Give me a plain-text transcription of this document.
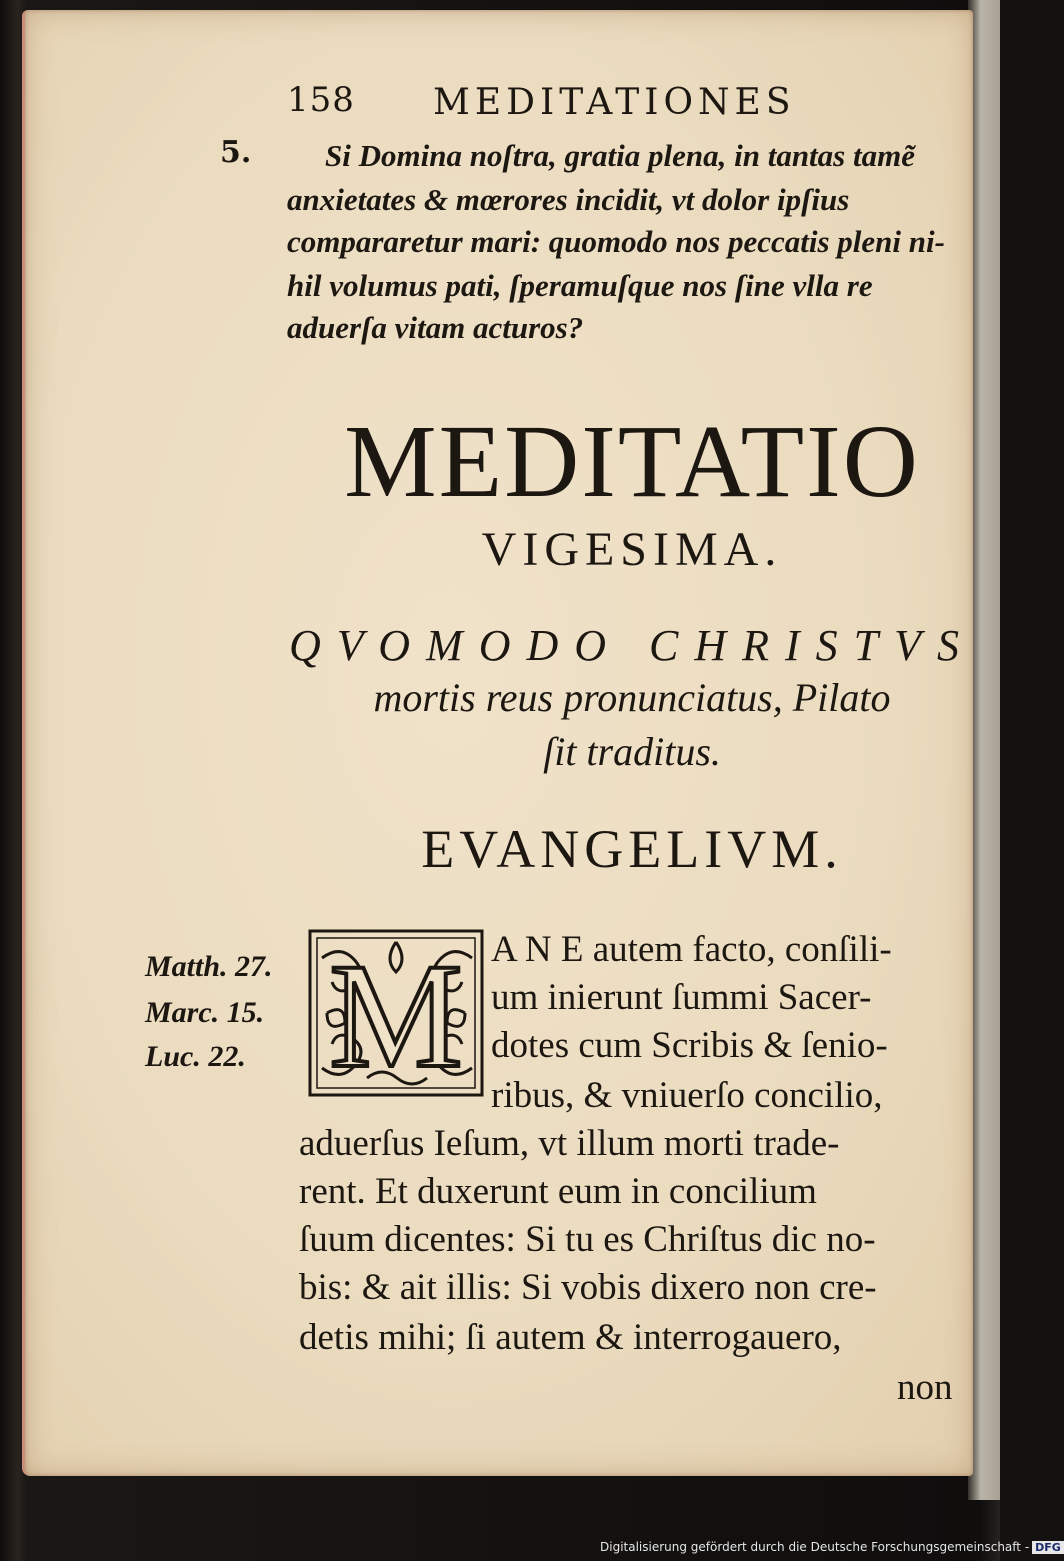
158 MEDITATIONES
5. Si Domina noſtra, gratia plena, in tantas tamẽ
anxietates & mœrores incidit, vt dolor ipſius
compararetur mari: quomodo nos peccatis pleni ni-
hil volumus pati, ſperamuſque nos ſine vlla re
aduerſa vitam acturos?
MEDITATIO
VIGESIMA.
QVOMODO CHRISTVS
mortis reus pronunciatus, Pilato
ſit traditus.
EVANGELIVM.
Matth. 27.
Marc. 15.
Luc. 22. M A N E autem facto, conſili-
um inierunt ſummi Sacer-
dotes cum Scribis & ſenio-
ribus, & vniuerſo concilio,
aduerſus Ieſum, vt illum morti trade-
rent. Et duxerunt eum in concilium
ſuum dicentes: Si tu es Chriſtus dic no-
bis: & ait illis: Si vobis dixero non cre-
detis mihi; ſi autem & interrogauero,
non
Digitalisierung gefördert durch die Deutsche Forschungsgemeinschaft - DFG
